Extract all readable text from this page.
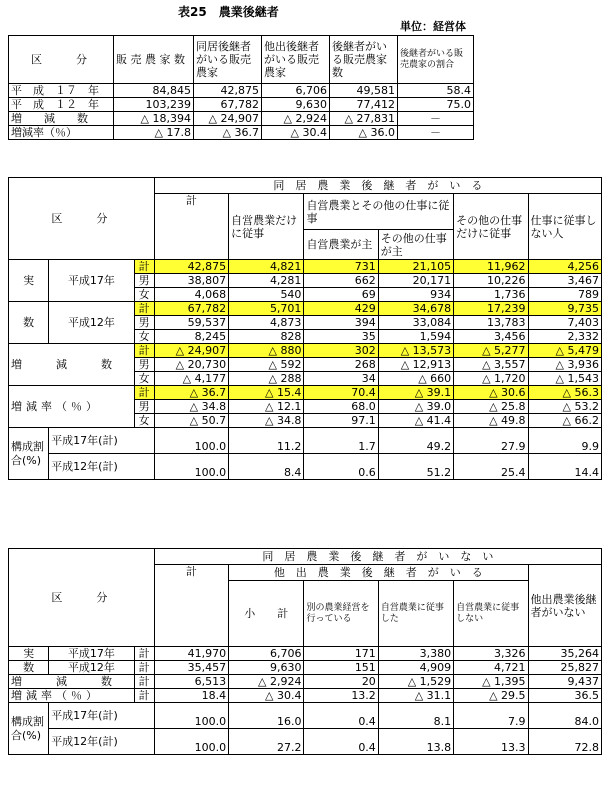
表25　農業後継者
単位：経営体
区　　分	販 売 農 家 数	同居後継者がいる販売農家	他出後継者がいる販売農家	後継者がいる販売農家数	後継者がいる販売農家の割合
平　成　１７　年	84,845	42,875	6,706	49,581	58.4
平　成　１２　年	103,239	67,782	9,630	77,412	75.0
増　　減　　数	△ 18,394	△ 24,907	△ 2,924	△ 27,831	－
増減率（％）	△ 17.8	△ 36.7	△ 30.4	△ 36.0	－
区　　分			同　居　農　業　後　継　者　が　い　る					
			計	自営農業だけに従事	自営農業とその他の仕事に従事		その他の仕事だけに従事	仕事に従事しない人
					自営農業が主	その他の仕事が主		
実	平成17年	計	42,875	4,821	731	21,105	11,962	4,256
		男	38,807	4,281	662	20,171	10,226	3,467
		女	4,068	540	69	934	1,736	789
数	平成12年	計	67,782	5,701	429	34,678	17,239	9,735
		男	59,537	4,873	394	33,084	13,783	7,403
		女	8,245	828	35	1,594	3,456	2,332
増　　減　　数		計	△ 24,907	△ 880	302	△ 13,573	△ 5,277	△ 5,479
		男	△ 20,730	△ 592	268	△ 12,913	△ 3,557	△ 3,936
		女	△ 4,177	△ 288	34	△ 660	△ 1,720	△ 1,543
増減率（％）		計	△ 36.7	△ 15.4	70.4	△ 39.1	△ 30.6	△ 56.3
		男	△ 34.8	△ 12.1	68.0	△ 39.0	△ 25.8	△ 53.2
		女	△ 50.7	△ 34.8	97.1	△ 41.4	△ 49.8	△ 66.2
構成割合(%)	平成17年(計)		100.0	11.2	1.7	49.2	27.9	9.9
	平成12年(計)		100.0	8.4	0.6	51.2	25.4	14.4
区　　分			同　居　農　業　後　継　者　が　い　な　い					
			計	他　出　農　業　後　継　者　が　い　る				他出農業後継者がいない
				小　　計	別の農業経営を行っている	自営農業に従事した	自営農業に従事しない	
実	平成17年	計	41,970	6,706	171	3,380	3,326	35,264
数	平成12年	計	35,457	9,630	151	4,909	4,721	25,827
増　　減　　数		計	6,513	△ 2,924	20	△ 1,529	△ 1,395	9,437
増減率（％）		計	18.4	△ 30.4	13.2	△ 31.1	△ 29.5	36.5
構成割合(%)	平成17年(計)		100.0	16.0	0.4	8.1	7.9	84.0
	平成12年(計)		100.0	27.2	0.4	13.8	13.3	72.8
